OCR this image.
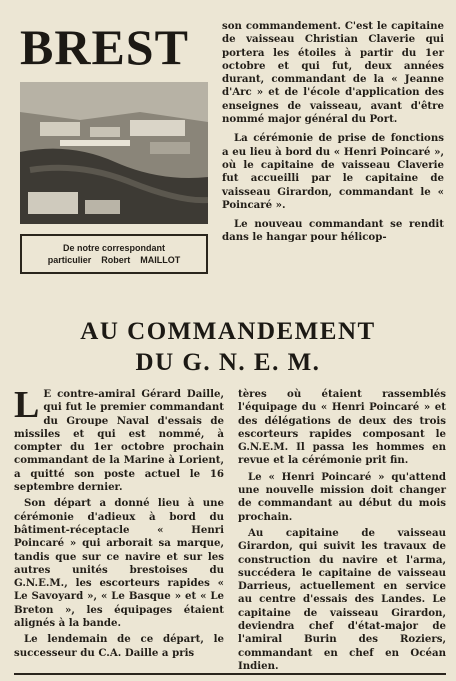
BREST
De notre correspondant
particulier    Robert    MAILLOT

son commandement. C'est le capitaine de vaisseau Christian Claverie qui portera les étoiles à partir du 1er octobre et qui fut, deux années durant, commandant de la « Jeanne d'Arc » et de l'école d'application des enseignes de vaisseau, avant d'être nommé major général du Port.

La cérémonie de prise de fonctions a eu lieu à bord du « Henri Poincaré », où le capitaine de vaisseau Claverie fut accueilli par le capitaine de vaisseau Girardon, commandant le « Poincaré ».

Le nouveau commandant se rendit dans le hangar pour hélicop-

AU COMMANDEMENT
DU G. N. E. M.

L E contre-amiral Gérard Daille, qui fut le premier commandant du Groupe Naval d'essais de missiles et qui est nommé, à compter du 1er octobre prochain commandant de la Marine à Lorient, a quitté son poste actuel le 16 septembre dernier.

Son départ a donné lieu à une cérémonie d'adieux à bord du bâtiment-réceptacle « Henri Poincaré » qui arborait sa marque, tandis que sur ce navire et sur les autres unités brestoises du G.N.E.M., les escorteurs rapides « Le Savoyard », « Le Basque » et « Le Breton », les équipages étaient alignés à la bande.

Le lendemain de ce départ, le successeur du C.A. Daille a pris

tères où étaient rassemblés l'équipage du « Henri Poincaré » et des délégations de deux des trois escorteurs rapides composant le G.N.E.M. Il passa les hommes en revue et la cérémonie prit fin.

Le « Henri Poincaré » qu'attend une nouvelle mission doit changer de commandant au début du mois prochain.

Au capitaine de vaisseau Girardon, qui suivit les travaux de construction du navire et l'arma, succédera le capitaine de vaisseau Darrieus, actuellement en service au centre d'essais des Landes. Le capitaine de vaisseau Girardon, deviendra chef d'état-major de l'amiral Burin des Roziers, commandant en chef en Océan Indien.
